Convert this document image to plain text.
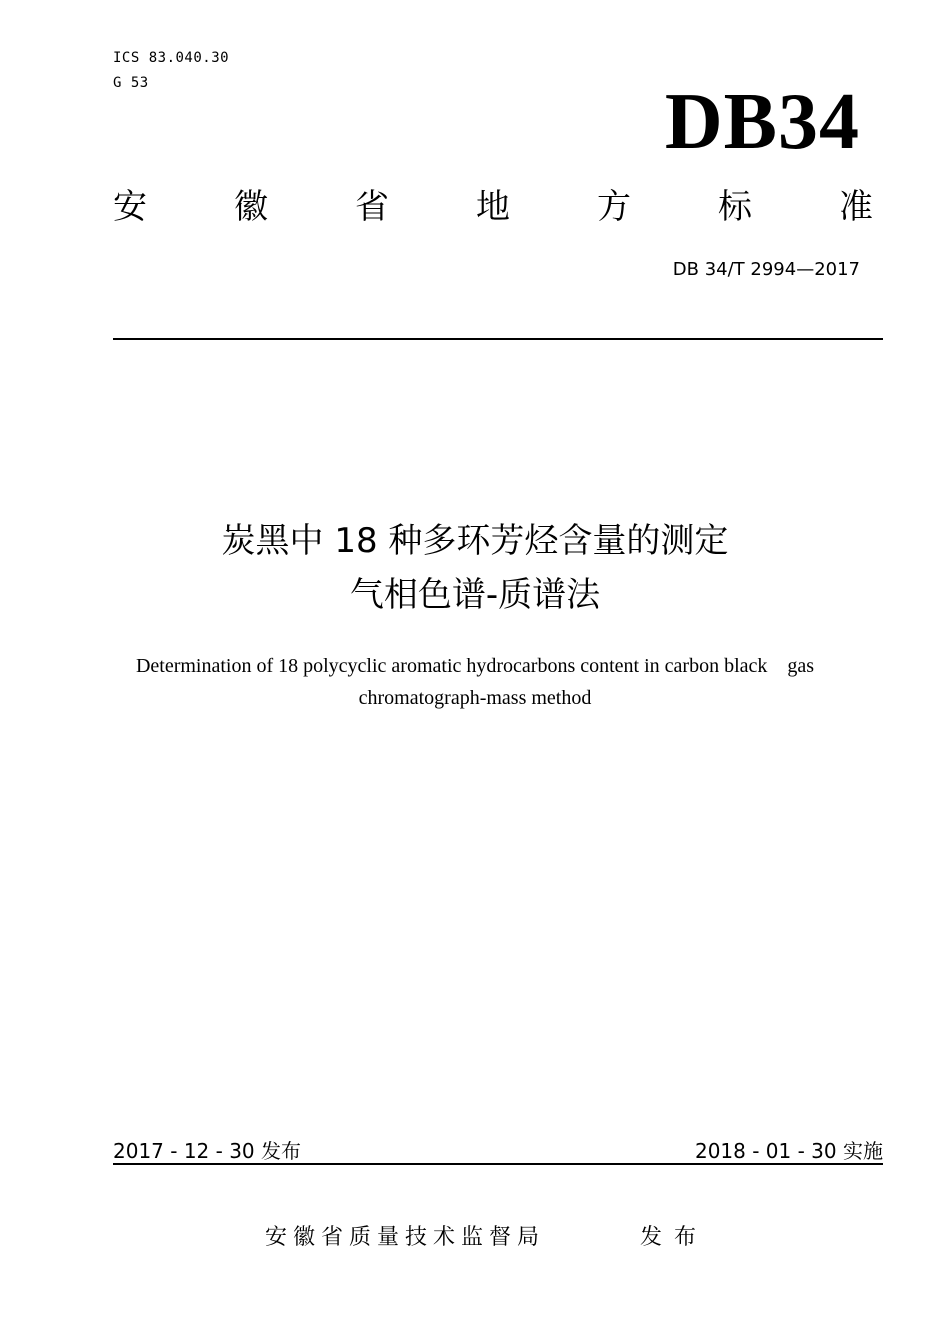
ICS 83.040.30
G 53	DB34
安	徽	省	地	方	标	准
DB 34/T 2994—2017
炭黑中 18 种多环芳烃含量的测定
气相色谱-质谱法
Determination of 18 polycyclic aromatic hydrocarbons content in carbon black    gas
chromatograph-mass method
2017 - 12 - 30 发布	2018 - 01 - 30 实施
安徽省质量技术监督局	发布
